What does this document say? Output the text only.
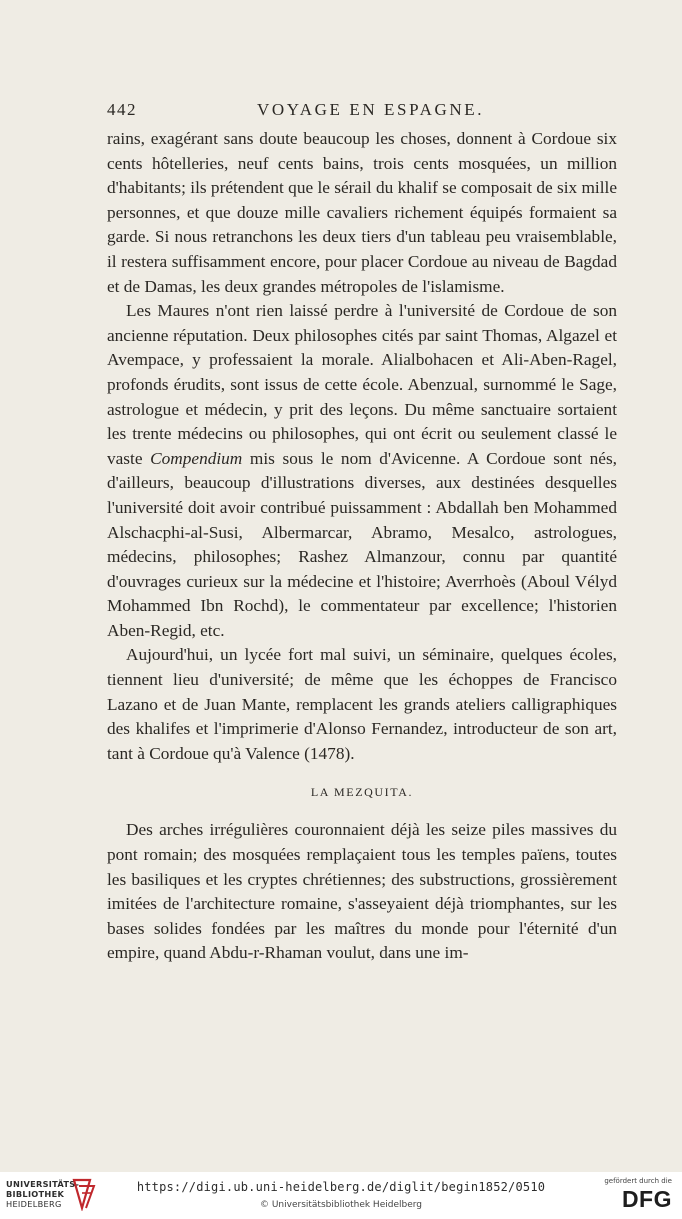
442	VOYAGE EN ESPAGNE.

rains, exagérant sans doute beaucoup les choses, donnent à Cordoue six cents hôtelleries, neuf cents bains, trois cents mosquées, un million d'habitants; ils prétendent que le sérail du khalif se composait de six mille personnes, et que douze mille cavaliers richement équipés formaient sa garde. Si nous retranchons les deux tiers d'un tableau peu vraisemblable, il restera suffisamment encore, pour placer Cordoue au niveau de Bagdad et de Damas, les deux grandes métropoles de l'islamisme.

Les Maures n'ont rien laissé perdre à l'université de Cordoue de son ancienne réputation. Deux philosophes cités par saint Thomas, Algazel et Avempace, y professaient la morale. Alialbohacen et Ali-Aben-Ragel, profonds érudits, sont issus de cette école. Abenzual, surnommé le Sage, astrologue et médecin, y prit des leçons. Du même sanctuaire sortaient les trente médecins ou philosophes, qui ont écrit ou seulement classé le vaste Compendium mis sous le nom d'Avicenne. A Cordoue sont nés, d'ailleurs, beaucoup d'illustrations diverses, aux destinées desquelles l'université doit avoir contribué puissamment : Abdallah ben Mohammed Alschacphi-al-Susi, Albermarcar, Abramo, Mesalco, astrologues, médecins, philosophes; Rashez Almanzour, connu par quantité d'ouvrages curieux sur la médecine et l'histoire; Averrhoès (Aboul Vélyd Mohammed Ibn Rochd), le commentateur par excellence; l'historien Aben-Regid, etc.

Aujourd'hui, un lycée fort mal suivi, un séminaire, quelques écoles, tiennent lieu d'université; de même que les échoppes de Francisco Lazano et de Juan Mante, remplacent les grands ateliers calligraphiques des khalifes et l'imprimerie d'Alonso Fernandez, introducteur de son art, tant à Cordoue qu'à Valence (1478).

LA MEZQUITA.

Des arches irrégulières couronnaient déjà les seize piles massives du pont romain; des mosquées remplaçaient tous les temples païens, toutes les basiliques et les cryptes chrétiennes; des substructions, grossièrement imitées de l'architecture romaine, s'asseyaient déjà triomphantes, sur les bases solides fondées par les maîtres du monde pour l'éternité d'un empire, quand Abdu-r-Rhaman voulut, dans une im-

UNIVERSITÄTS-
BIBLIOTHEK
HEIDELBERG
https://digi.ub.uni-heidelberg.de/diglit/begin1852/0510
© Universitätsbibliothek Heidelberg
gefördert durch die
DFG
